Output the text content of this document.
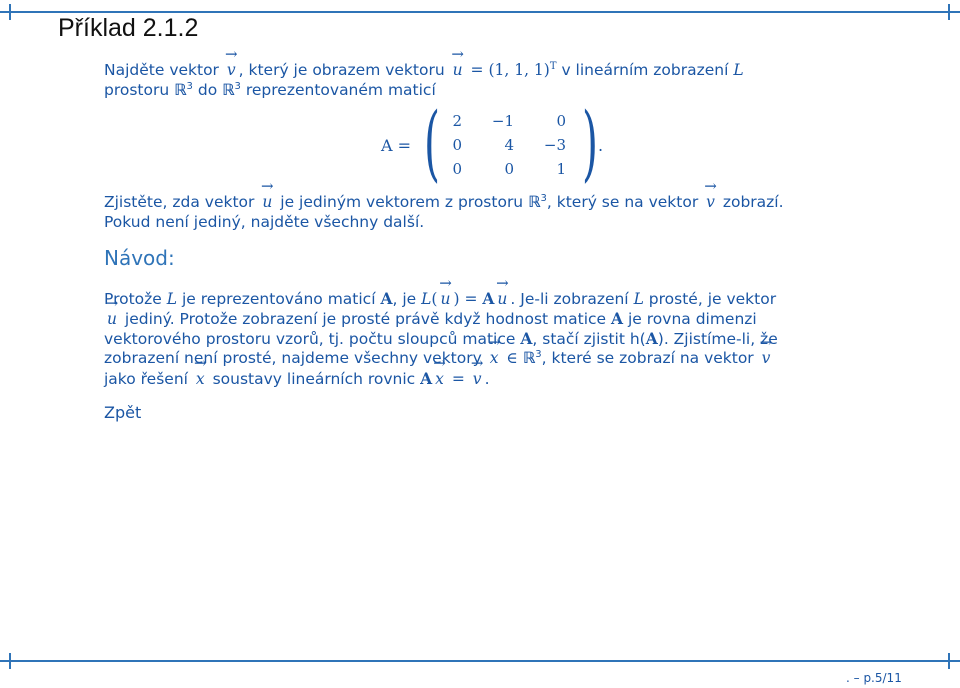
Příklad 2.1.2
Najděte vektor → v , který je obrazem vektoru → u = (1, 1, 1)$^T$ v lineárním zobrazení L
prostoru ℝ$^3$ do ℝ$^3$ reprezentovaném maticí
A = ( )
2	−1	0
0	4	−3
0	0	1
.
Zjistěte, zda vektor → u je jediným vektorem z prostoru ℝ$^3$, který se na vektor → v zobrazí.
Pokud není jediný, najděte všechny další.
Návod:
Protože L je reprezentováno maticí A, je L( → u ) = A → u . Je-li zobrazení L prosté, je vektor
→ u jediný. Protože zobrazení je prosté právě když hodnost matice A je rovna dimenzi
vektorového prostoru vzorů, tj. počtu sloupců matice A, stačí zjistit h(A). Zjistíme-li, že
zobrazení není prosté, najdeme všechny vektory → x ∈ ℝ$^3$, které se zobrazí na vektor → v
jako řešení → x soustavy lineárních rovnic A → x = → v .
Zpět
. – p.5/11
